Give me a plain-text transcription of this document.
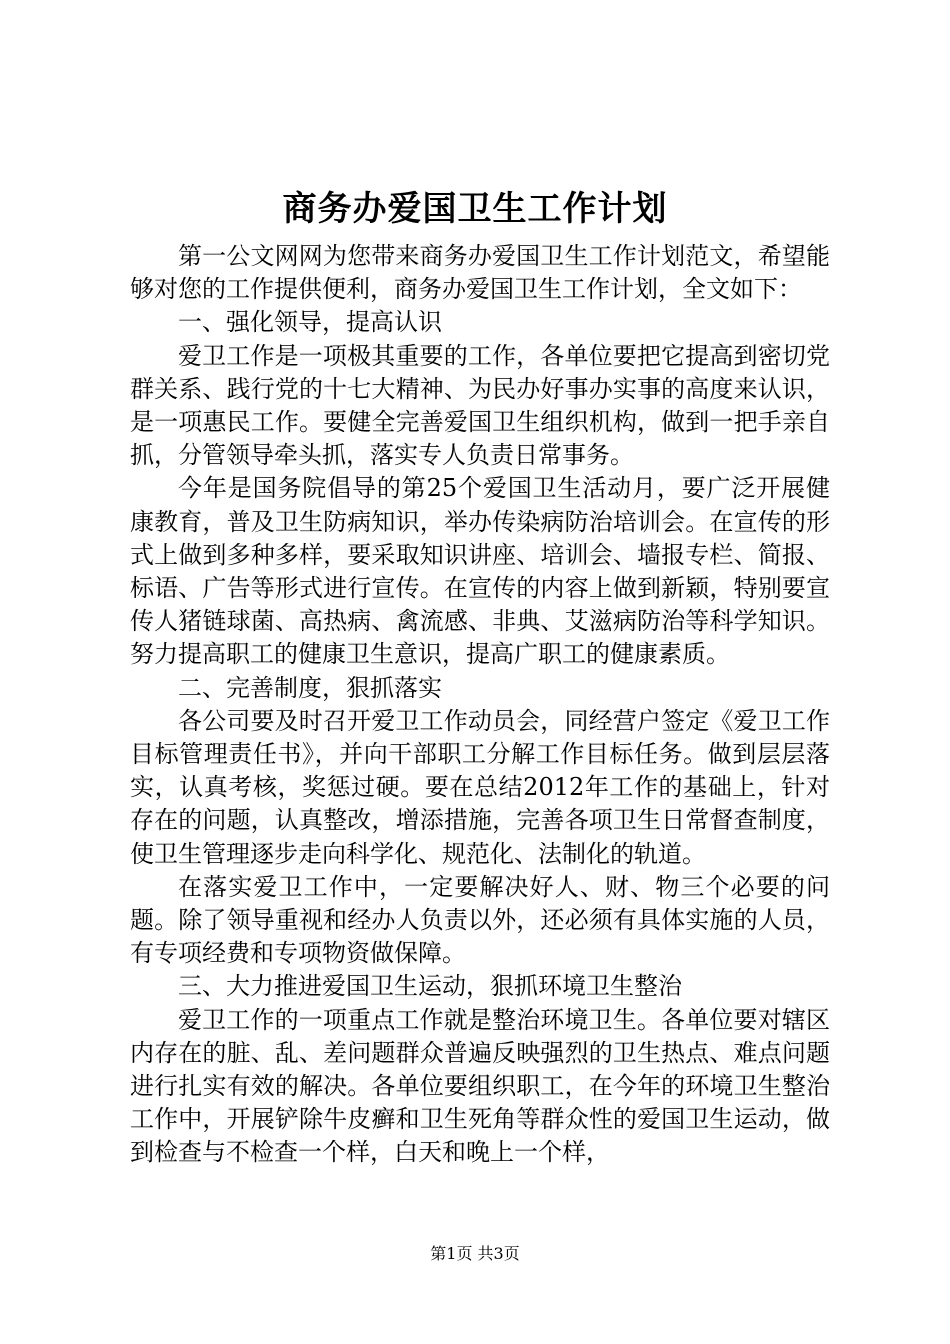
商务办爱国卫生工作计划

第一公文网网为您带来商务办爱国卫生工作计划范文，希望能够对您的工作提供便利，商务办爱国卫生工作计划，全文如下：

一、强化领导，提高认识

爱卫工作是一项极其重要的工作，各单位要把它提高到密切党群关系、践行党的十七大精神、为民办好事办实事的高度来认识，是一项惠民工作。要健全完善爱国卫生组织机构，做到一把手亲自抓，分管领导牵头抓，落实专人负责日常事务。

今年是国务院倡导的第25个爱国卫生活动月，要广泛开展健康教育，普及卫生防病知识，举办传染病防治培训会。在宣传的形式上做到多种多样，要采取知识讲座、培训会、墙报专栏、简报、标语、广告等形式进行宣传。在宣传的内容上做到新颖，特别要宣传人猪链球菌、高热病、禽流感、非典、艾滋病防治等科学知识。努力提高职工的健康卫生意识，提高广职工的健康素质。

二、完善制度，狠抓落实

各公司要及时召开爱卫工作动员会，同经营户签定《爱卫工作目标管理责任书》，并向干部职工分解工作目标任务。做到层层落实，认真考核，奖惩过硬。要在总结2012年工作的基础上，针对存在的问题，认真整改，增添措施，完善各项卫生日常督查制度，使卫生管理逐步走向科学化、规范化、法制化的轨道。

在落实爱卫工作中，一定要解决好人、财、物三个必要的问题。除了领导重视和经办人负责以外，还必须有具体实施的人员，有专项经费和专项物资做保障。

三、大力推进爱国卫生运动，狠抓环境卫生整治

爱卫工作的一项重点工作就是整治环境卫生。各单位要对辖区内存在的脏、乱、差问题群众普遍反映强烈的卫生热点、难点问题进行扎实有效的解决。各单位要组织职工，在今年的环境卫生整治工作中，开展铲除牛皮癣和卫生死角等群众性的爱国卫生运动，做到检查与不检查一个样，白天和晚上一个样，

第1页 共3页
